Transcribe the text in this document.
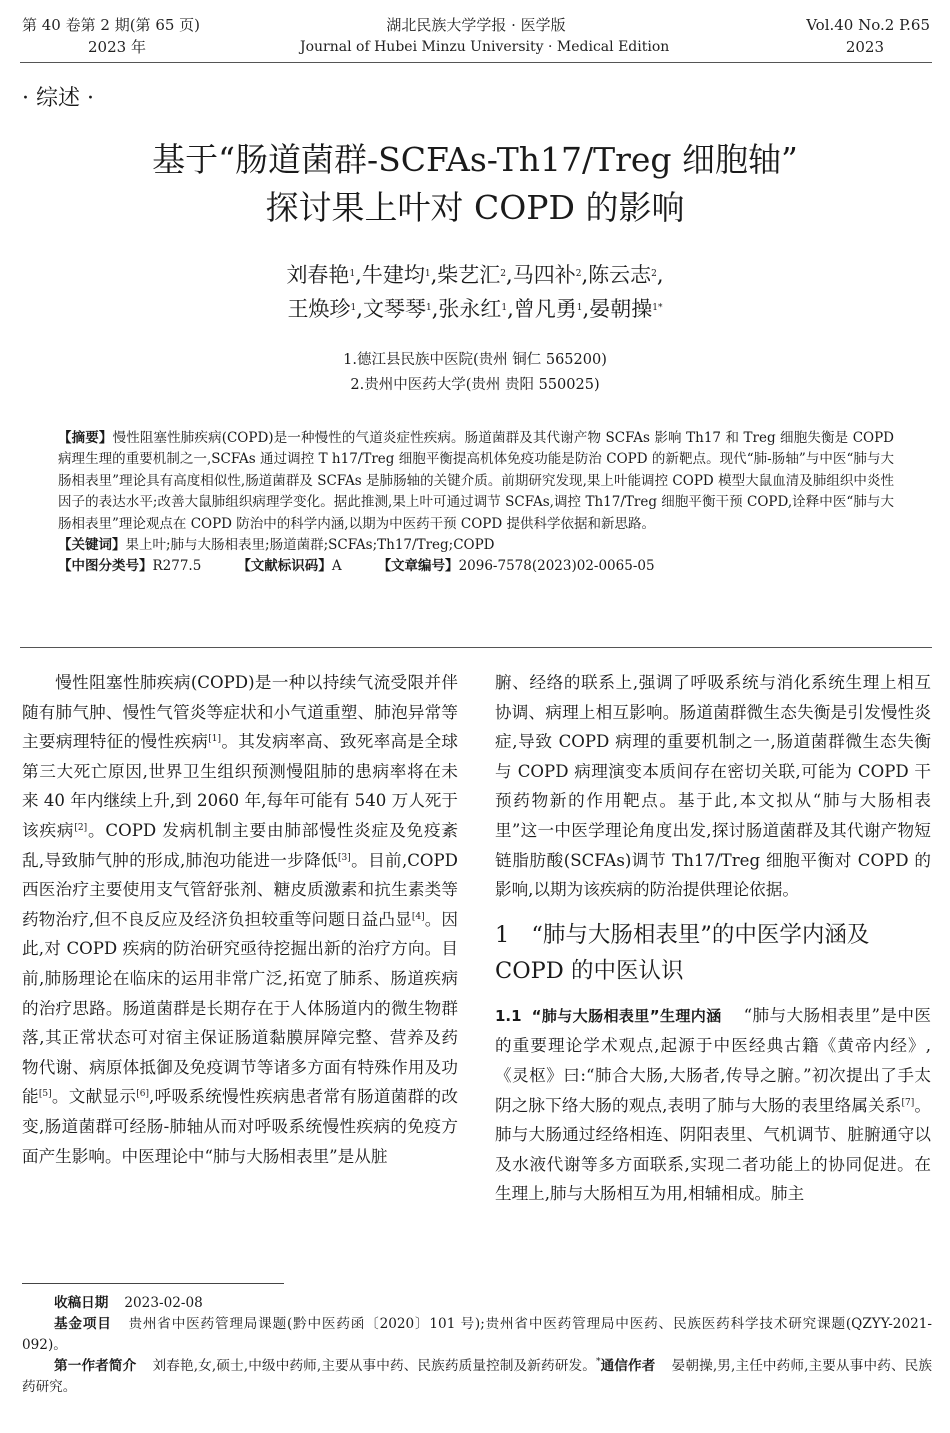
第 40 卷第 2 期(第 65 页)
2023 年
湖北民族大学学报 · 医学版
Journal of Hubei Minzu University · Medical Edition
Vol.40 No.2 P.65
2023
· 综述 ·
基于“肠道菌群-SCFAs-Th17/Treg 细胞轴”
探讨果上叶对 COPD 的影响
刘春艳$^1$,牛建均$^1$,柴艺汇$^2$,马四补$^2$,陈云志$^2$,
王焕珍$^1$,文琴琴$^1$,张永红$^1$,曾凡勇$^1$,晏朝操$^{1*}$
1.德江县民族中医院(贵州 铜仁 565200)
2.贵州中医药大学(贵州 贵阳 550025)

【摘要】慢性阻塞性肺疾病(COPD)是一种慢性的气道炎症性疾病。肠道菌群及其代谢产物 SCFAs 影响 Th17 和 Treg 细胞失衡是 COPD 病理生理的重要机制之一,SCFAs 通过调控 T h17/Treg 细胞平衡提高机体免疫功能是防治 COPD 的新靶点。现代“肺-肠轴”与中医“肺与大肠相表里”理论具有高度相似性,肠道菌群及 SCFAs 是肺肠轴的关键介质。前期研究发现,果上叶能调控 COPD 模型大鼠血清及肺组织中炎性因子的表达水平;改善大鼠肺组织病理学变化。据此推测,果上叶可通过调节 SCFAs,调控 Th17/Treg 细胞平衡干预 COPD,诠释中医“肺与大肠相表里”理论观点在 COPD 防治中的科学内涵,以期为中医药干预 COPD 提供科学依据和新思路。

【关键词】果上叶;肺与大肠相表里;肠道菌群;SCFAs;Th17/Treg;COPD

【中图分类号】R277.5	【文献标识码】A	【文章编号】2096-7578(2023)02-0065-05

慢性阻塞性肺疾病(COPD)是一种以持续气流受限并伴随有肺气肿、慢性气管炎等症状和小气道重塑、肺泡异常等主要病理特征的慢性疾病[1]。其发病率高、致死率高是全球第三大死亡原因,世界卫生组织预测慢阻肺的患病率将在未来 40 年内继续上升,到 2060 年,每年可能有 540 万人死于该疾病[2]。COPD 发病机制主要由肺部慢性炎症及免疫紊乱,导致肺气肿的形成,肺泡功能进一步降低[3]。目前,COPD 西医治疗主要使用支气管舒张剂、糖皮质激素和抗生素类等药物治疗,但不良反应及经济负担较重等问题日益凸显[4]。因此,对 COPD 疾病的防治研究亟待挖掘出新的治疗方向。目前,肺肠理论在临床的运用非常广泛,拓宽了肺系、肠道疾病的治疗思路。肠道菌群是长期存在于人体肠道内的微生物群落,其正常状态可对宿主保证肠道黏膜屏障完整、营养及药物代谢、病原体抵御及免疫调节等诸多方面有特殊作用及功能[5]。文献显示[6],呼吸系统慢性疾病患者常有肠道菌群的改变,肠道菌群可经肠-肺轴从而对呼吸系统慢性疾病的免疫方面产生影响。中医理论中“肺与大肠相表里”是从脏

腑、经络的联系上,强调了呼吸系统与消化系统生理上相互协调、病理上相互影响。肠道菌群微生态失衡是引发慢性炎症,导致 COPD 病理的重要机制之一,肠道菌群微生态失衡与 COPD 病理演变本质间存在密切关联,可能为 COPD 干预药物新的作用靶点。基于此,本文拟从“肺与大肠相表里”这一中医学理论角度出发,探讨肠道菌群及其代谢产物短链脂肪酸(SCFAs)调节 Th17/Treg 细胞平衡对 COPD 的影响,以期为该疾病的防治提供理论依据。

1 “肺与大肠相表里”的中医学内涵及 COPD 的中医认识

1.1 “肺与大肠相表里”生理内涵 “肺与大肠相表里”是中医的重要理论学术观点,起源于中医经典古籍《黄帝内经》,《灵枢》曰:“肺合大肠,大肠者,传导之腑。”初次提出了手太阴之脉下络大肠的观点,表明了肺与大肠的表里络属关系[7]。肺与大肠通过经络相连、阴阳表里、气机调节、脏腑通守以及水液代谢等多方面联系,实现二者功能上的协同促进。在生理上,肺与大肠相互为用,相辅相成。肺主

收稿日期 2023-02-08

基金项目 贵州省中医药管理局课题(黔中医药函〔2020〕101 号);贵州省中医药管理局中医药、民族医药科学技术研究课题(QZYY-2021-092)。

第一作者简介 刘春艳,女,硕士,中级中药师,主要从事中药、民族药质量控制及新药研发。*通信作者 晏朝操,男,主任中药师,主要从事中药、民族药研究。
